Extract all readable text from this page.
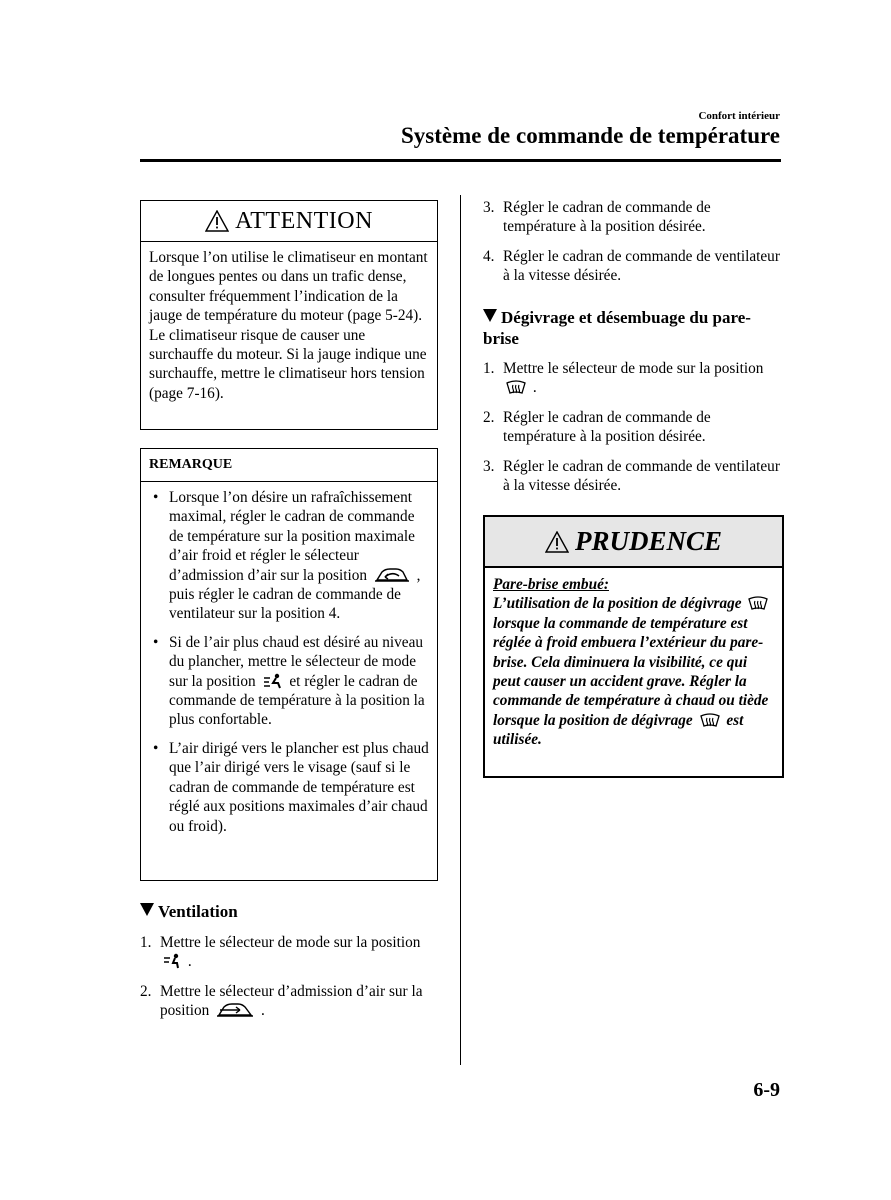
Confort intérieur
Système de commande de température
ATTENTION
Lorsque l’on utilise le climatiseur en montant de longues pentes ou dans un trafic dense, consulter fréquemment l’indication de la jauge de température du moteur (page 5-24). Le climatiseur risque de causer une surchauffe du moteur. Si la jauge indique une surchauffe, mettre le climatiseur hors tension (page 7-16).
REMARQUE
• Lorsque l’on désire un rafraîchissement maximal, régler le cadran de commande de température sur la position maximale d’air froid et régler le sélecteur d’admission d’air sur la position	, puis régler le cadran de commande de ventilateur sur la position 4.
• Si de l’air plus chaud est désiré au niveau du plancher, mettre le sélecteur de mode sur la position et régler le cadran de commande de température à la position la plus confortable.
• L’air dirigé vers le plancher est plus chaud que l’air dirigé vers le visage (sauf si le cadran de commande de température est réglé aux positions maximales d’air chaud ou froid).
Ventilation
1. Mettre le sélecteur de mode sur la position  .
2. Mettre le sélecteur d’admission d’air sur la position	.
3. Régler le cadran de commande de température à la position désirée.
4. Régler le cadran de commande de ventilateur à la vitesse désirée.
Dégivrage et désembuage du pare-brise
1. Mettre le sélecteur de mode sur la position  .
2. Régler le cadran de commande de température à la position désirée.
3. Régler le cadran de commande de ventilateur à la vitesse désirée.
PRUDENCE
Pare-brise embué:
L’utilisation de la position de dégivrage  lorsque la commande de température est réglée à froid embuera l’extérieur du pare-brise. Cela diminuera la visibilité, ce qui peut causer un accident grave. Régler la commande de température à chaud ou tiède lorsque la position de dégivrage est utilisée.
6-9
